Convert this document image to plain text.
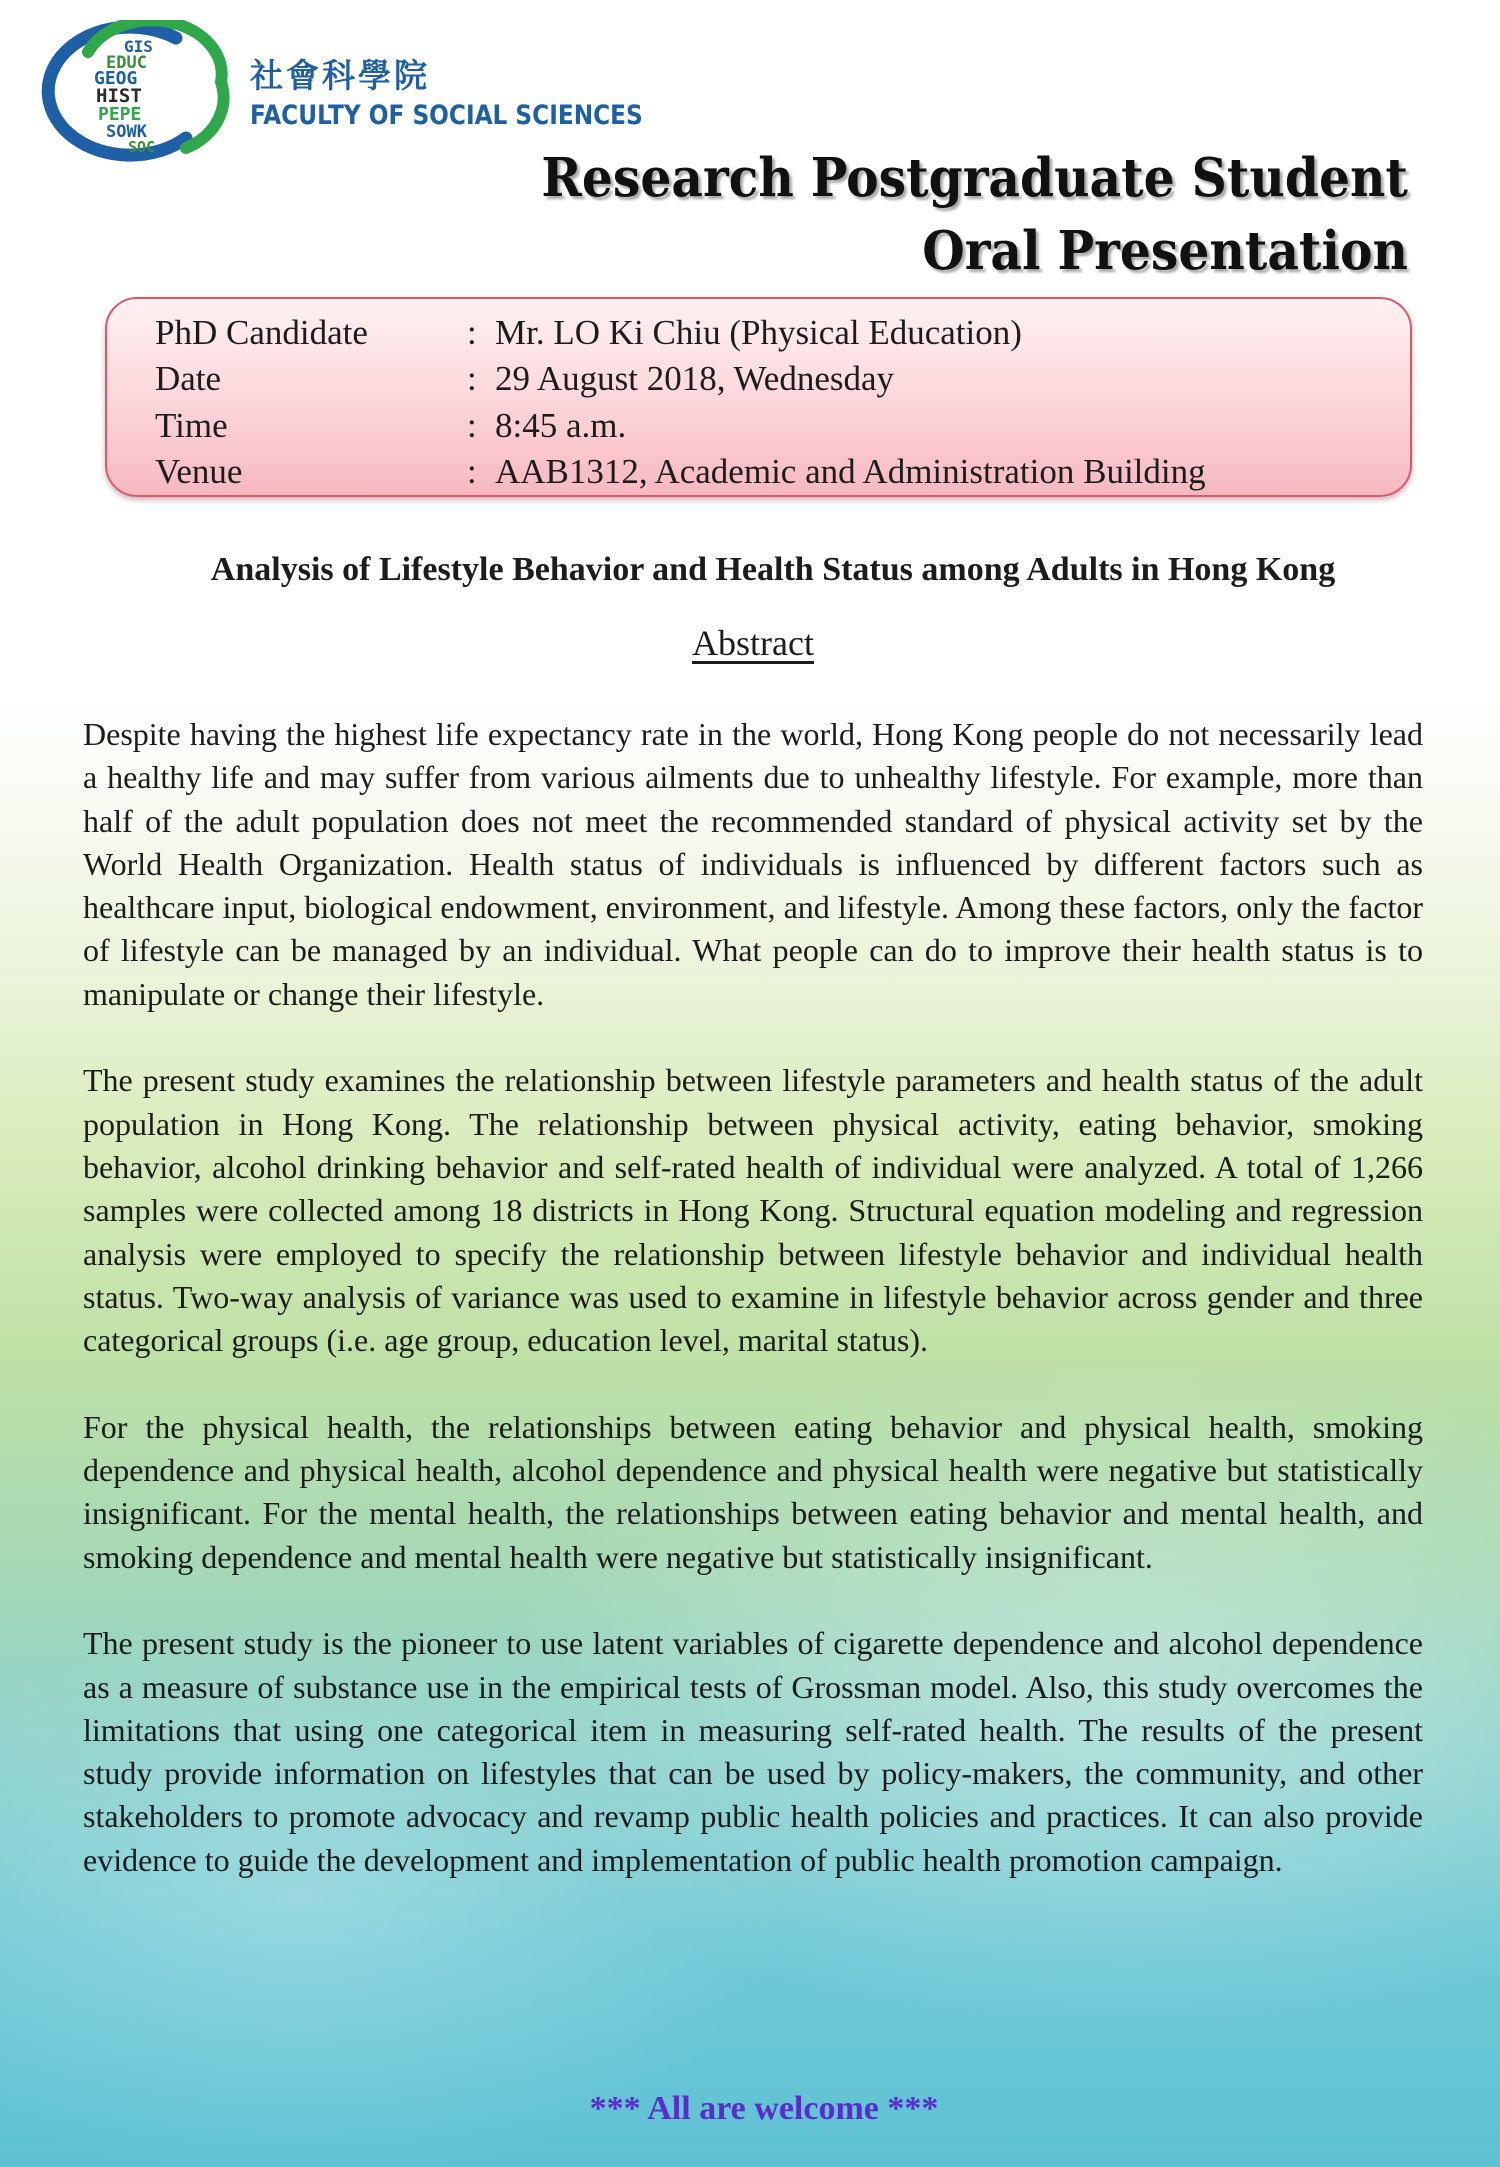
GIS
EDUC
GEOG
HIST
PEPE
SOWK
SOC
社會科學院
FACULTY OF SOCIAL SCIENCES
Research Postgraduate Student
Oral Presentation
PhD Candidate	: Mr. LO Ki Chiu (Physical Education)
Date	: 29 August 2018, Wednesday
Time	: 8:45 a.m.
Venue	: AAB1312, Academic and Administration Building
Analysis of Lifestyle Behavior and Health Status among Adults in Hong Kong
Abstract

Despite having the highest life expectancy rate in the world, Hong Kong people do not necessarily lead a healthy life and may suffer from various ailments due to unhealthy lifestyle. For example, more than half of the adult population does not meet the recommended standard of physical activity set by the World Health Organization. Health status of individuals is influenced by different factors such as healthcare input, biological endowment, environment, and lifestyle. Among these factors, only the factor of lifestyle can be managed by an individual. What people can do to improve their health status is to manipulate or change their lifestyle.

The present study examines the relationship between lifestyle parameters and health status of the adult population in Hong Kong. The relationship between physical activity, eating behavior, smoking behavior, alcohol drinking behavior and self-rated health of individual were analyzed. A total of 1,266 samples were collected among 18 districts in Hong Kong. Structural equation modeling and regression analysis were employed to specify the relationship between lifestyle behavior and individual health status. Two-way analysis of variance was used to examine in lifestyle behavior across gender and three categorical groups (i.e. age group, education level, marital status).

For the physical health, the relationships between eating behavior and physical health, smoking dependence and physical health, alcohol dependence and physical health were negative but statistically insignificant. For the mental health, the relationships between eating behavior and mental health, and smoking dependence and mental health were negative but statistically insignificant.

The present study is the pioneer to use latent variables of cigarette dependence and alcohol dependence as a measure of substance use in the empirical tests of Grossman model. Also, this study overcomes the limitations that using one categorical item in measuring self-rated health. The results of the present study provide information on lifestyles that can be used by policy-makers, the community, and other stakeholders to promote advocacy and revamp public health policies and practices. It can also provide evidence to guide the development and implementation of public health promotion campaign.

*** All are welcome ***
